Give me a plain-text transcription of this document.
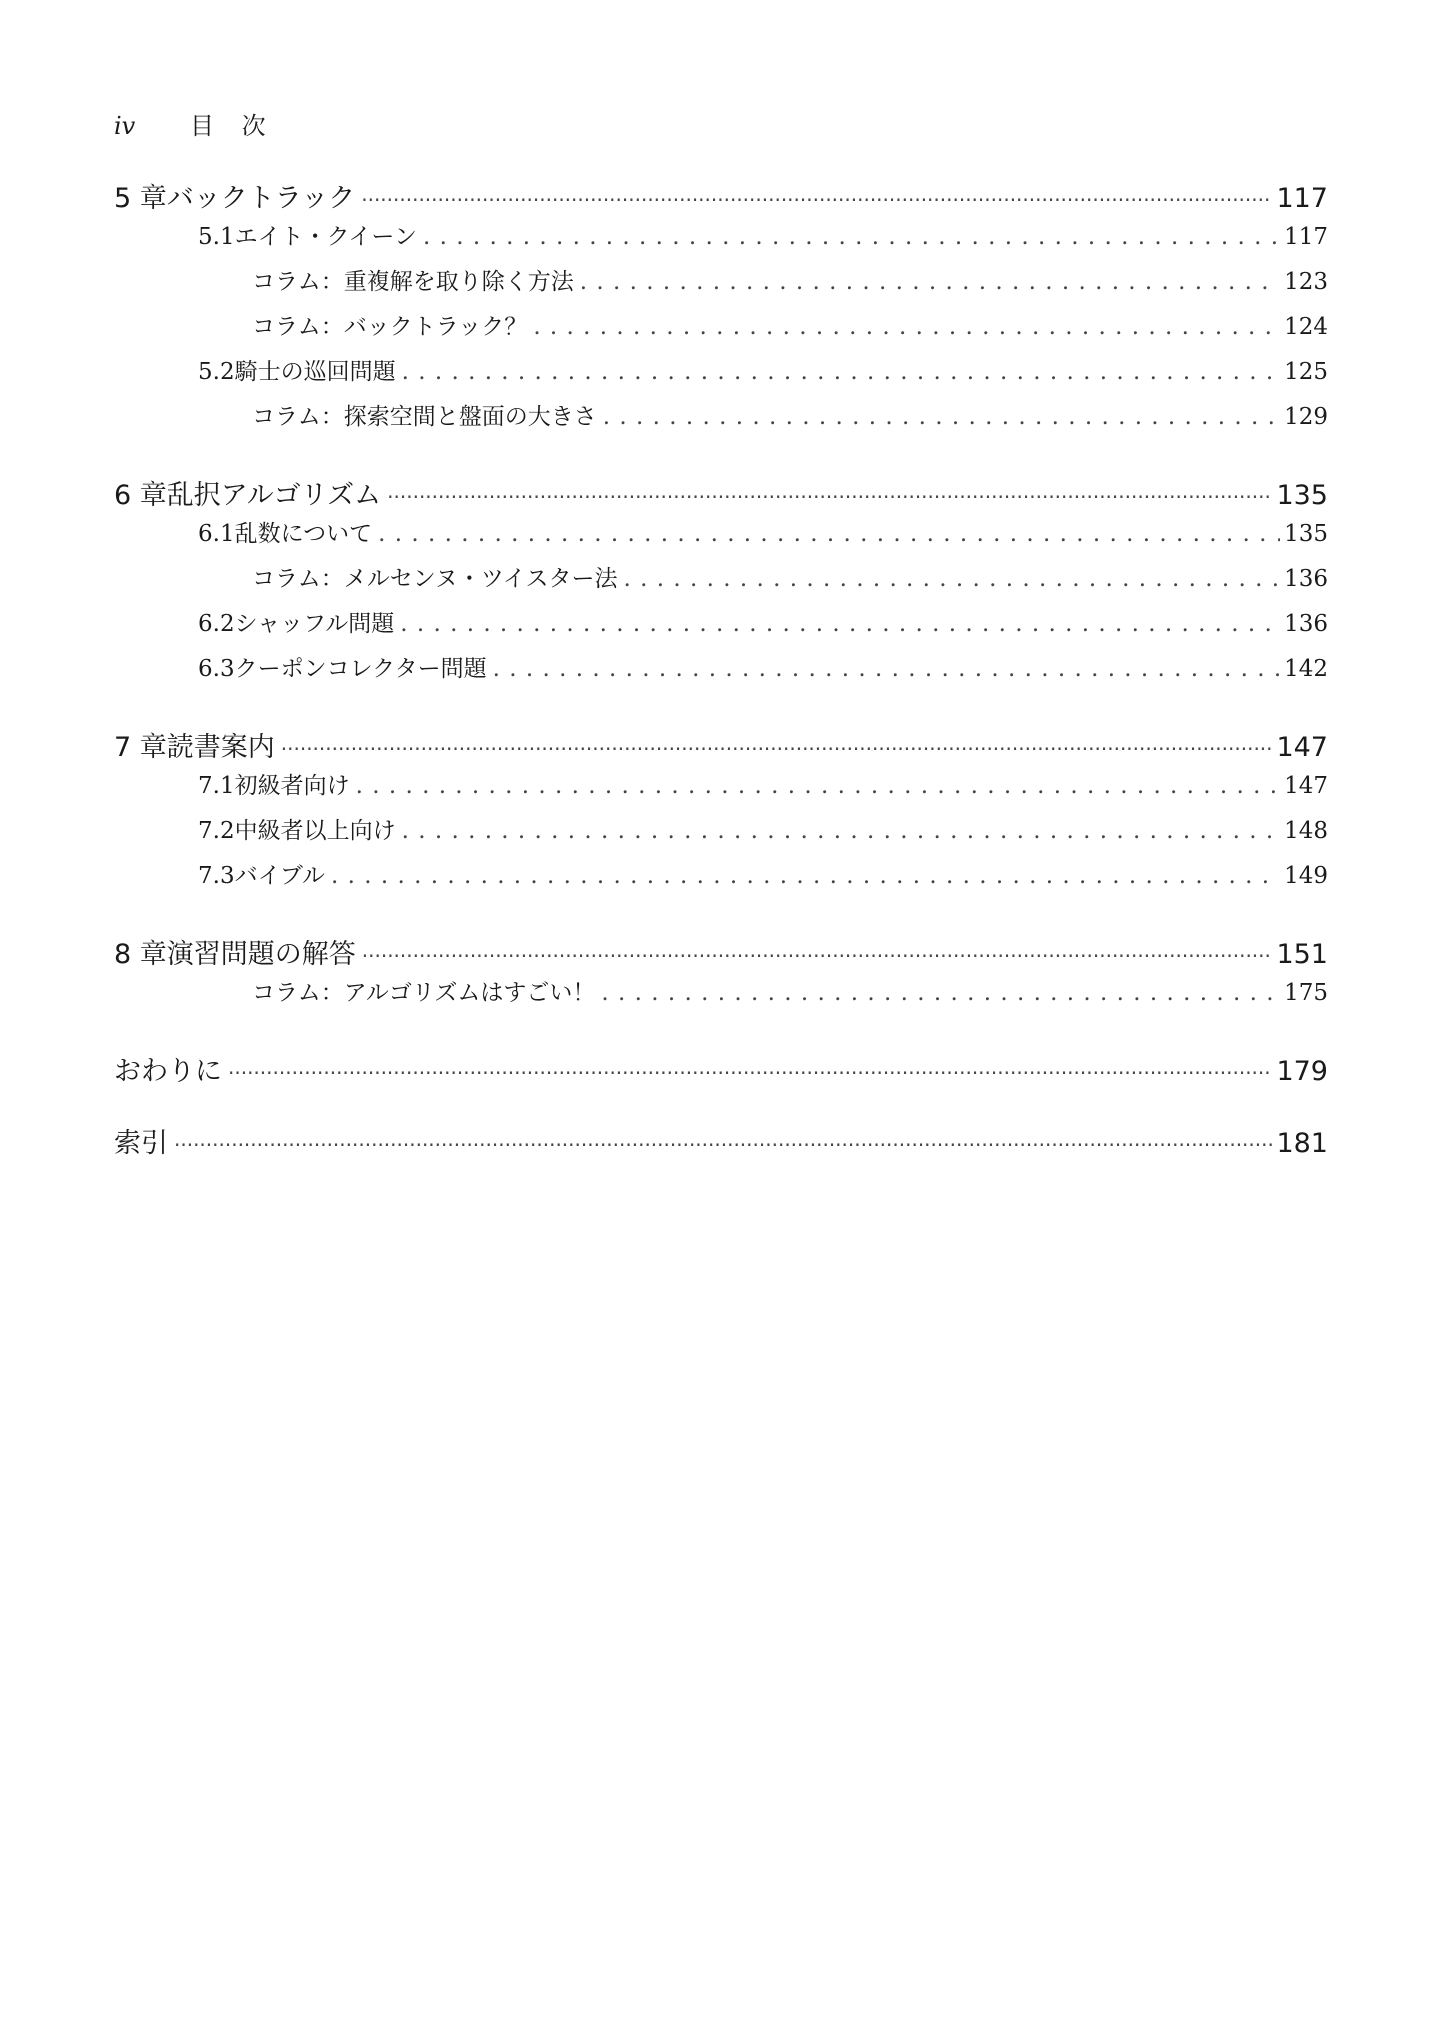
iv	目 次
5 章 バックトラック ·····	117
5.1 エイト・クイーン . . .	117
コラム：重複解を取り除く方法 . . .	123
コラム：バックトラック？ . . .	124
5.2 騎士の巡回問題 . . .	125
コラム：探索空間と盤面の大きさ . . .	129
6 章 乱択アルゴリズム ·····	135
6.1 乱数について . . .	135
コラム：メルセンヌ・ツイスター法 . . .	136
6.2 シャッフル問題 . . .	136
6.3 クーポンコレクター問題 . . .	142
7 章 読書案内 ·····	147
7.1 初級者向け . . .	147
7.2 中級者以上向け . . .	148
7.3 バイブル . . .	149
8 章 演習問題の解答 ·····	151
コラム：アルゴリズムはすごい！ . . .	175
おわりに ·····	179
索引 ·····	181
